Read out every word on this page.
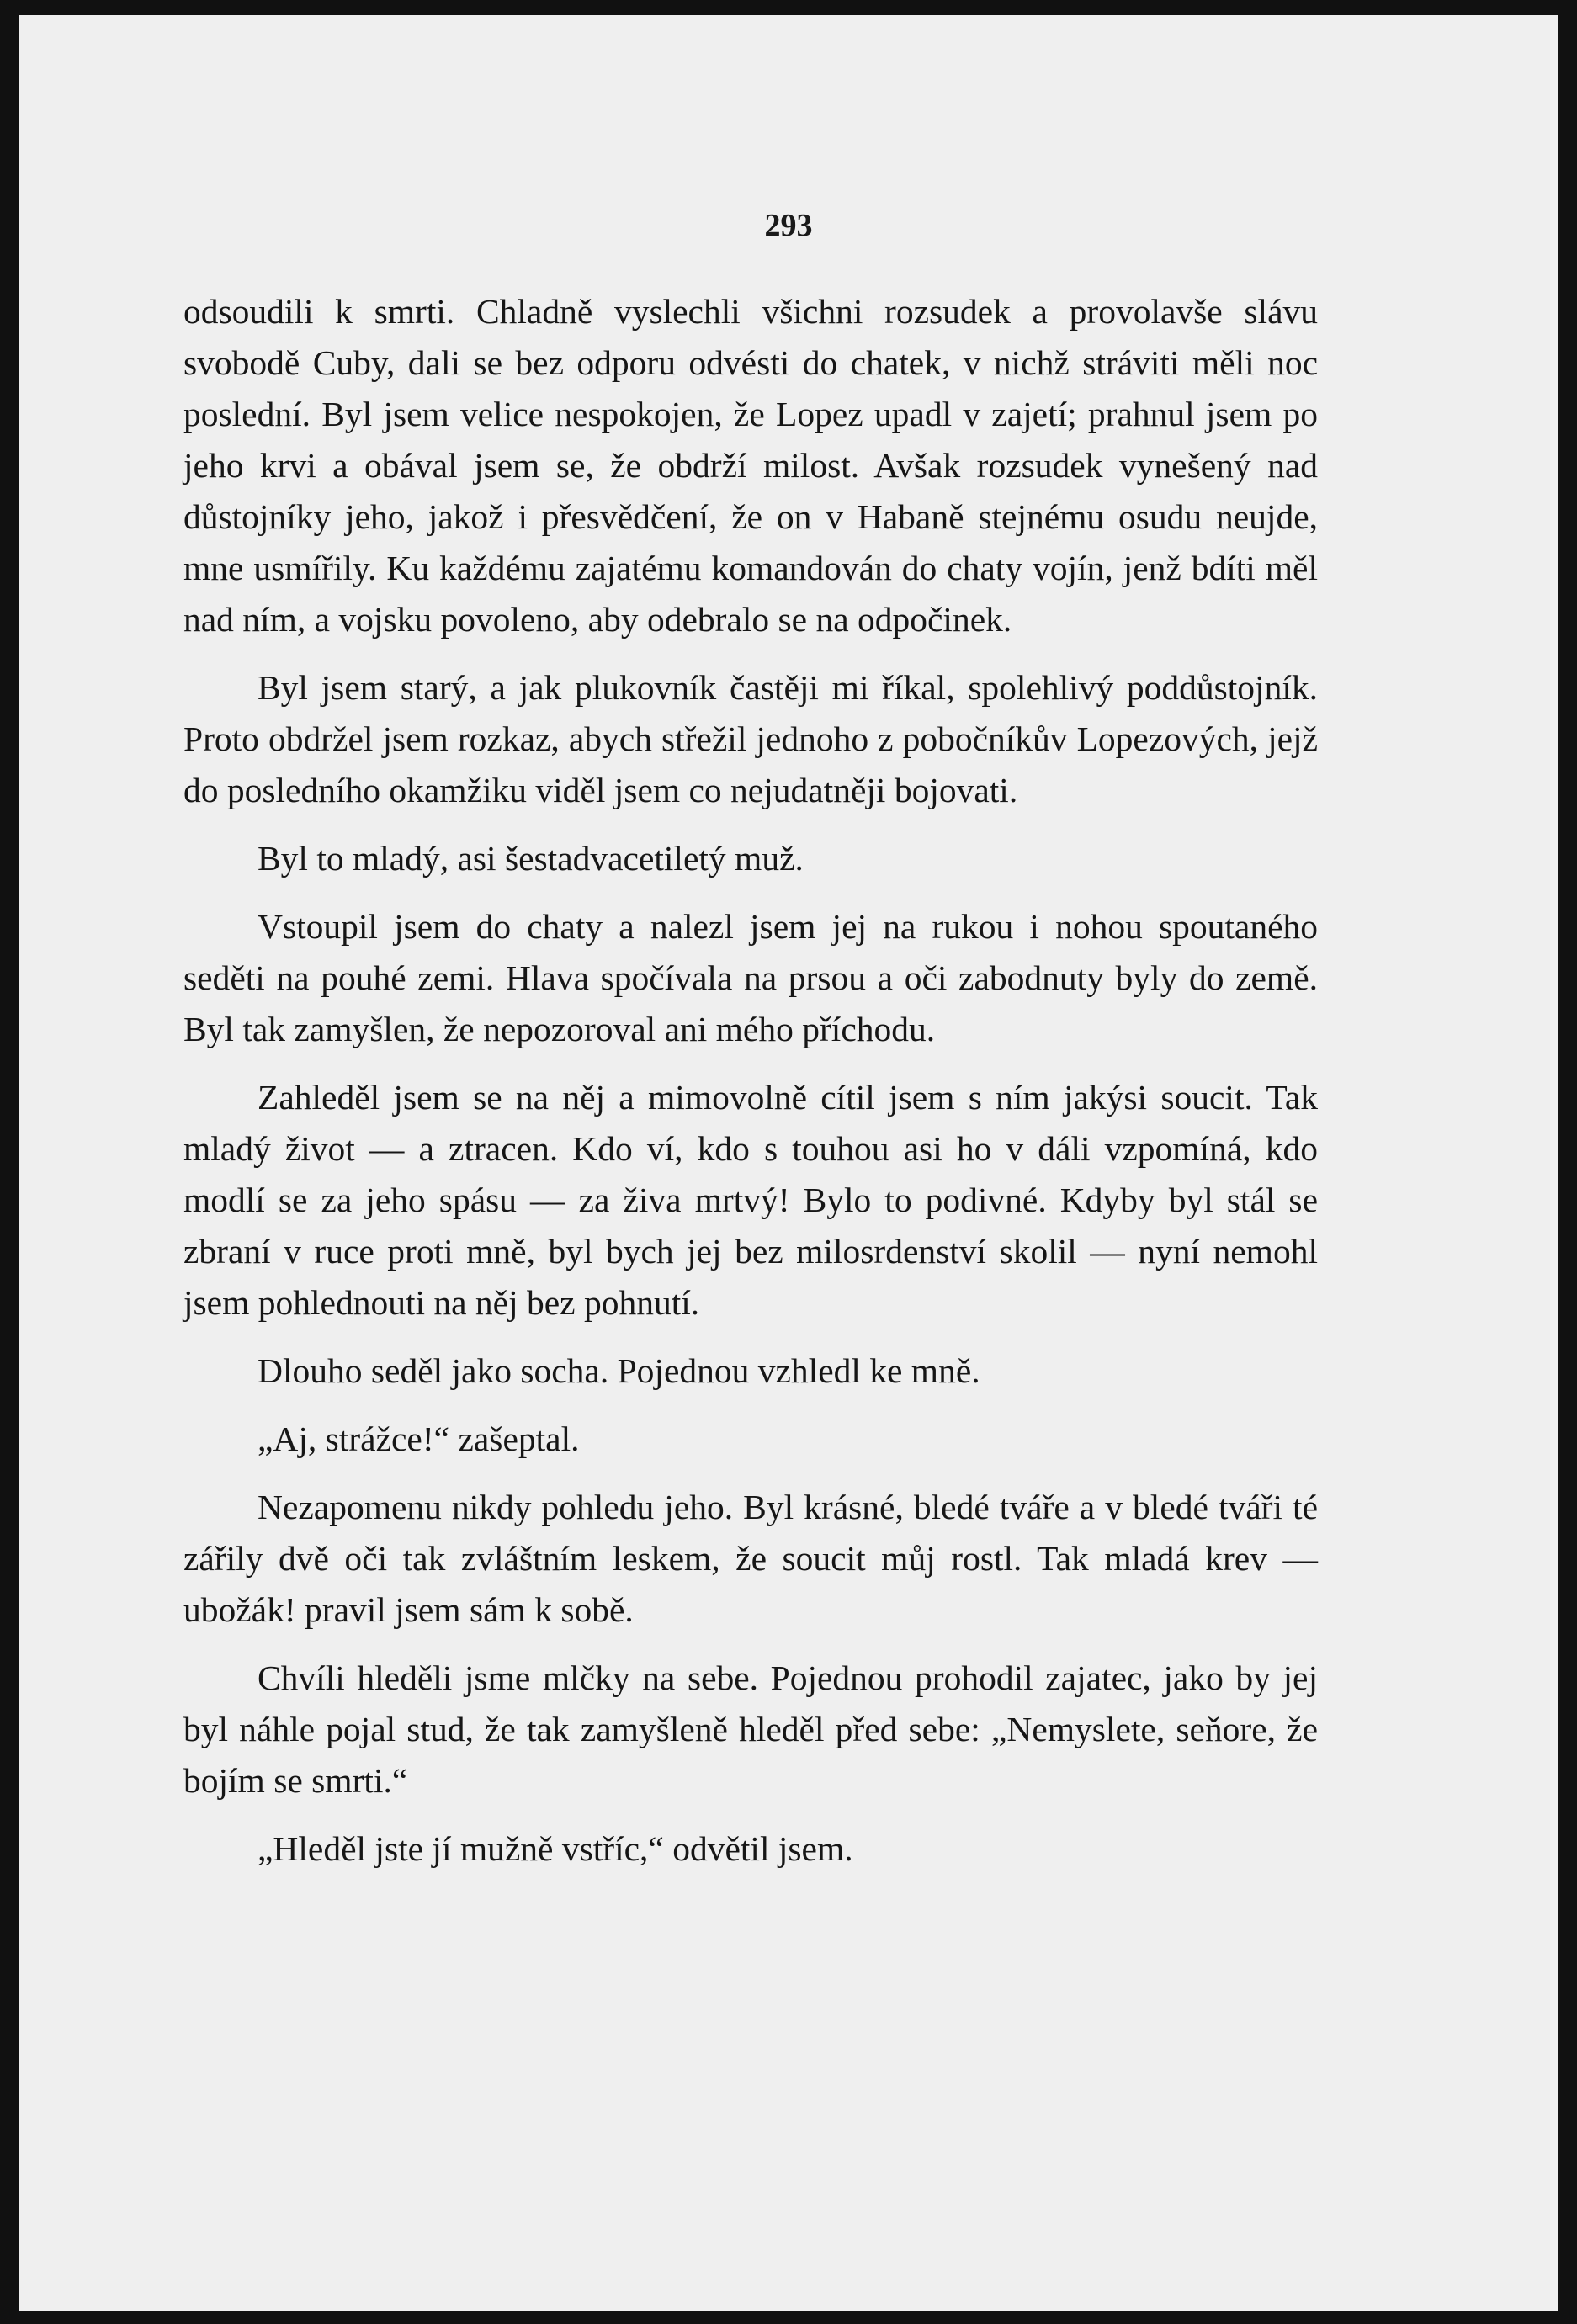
293

odsoudili k smrti. Chladně vyslechli všichni rozsudek a provolavše slávu svobodě Cuby, dali se bez odporu odvésti do chatek, v nichž stráviti měli noc poslední. Byl jsem velice nespokojen, že Lopez upadl v zajetí; prahnul jsem po jeho krvi a obával jsem se, že obdrží milost. Avšak rozsudek vynešený nad důstojníky jeho, jakož i přesvědčení, že on v Habaně stejnému osudu neujde, mne usmířily. Ku každému zajatému komandován do chaty vojín, jenž bdíti měl nad ním, a vojsku povoleno, aby odebralo se na odpočinek.

Byl jsem starý, a jak plukovník častěji mi říkal, spolehlivý poddůstojník. Proto obdržel jsem rozkaz, abych střežil jednoho z pobočníkův Lopezových, jejž do posledního okamžiku viděl jsem co nejudatněji bojovati.

Byl to mladý, asi šestadvacetiletý muž.

Vstoupil jsem do chaty a nalezl jsem jej na rukou i nohou spoutaného seděti na pouhé zemi. Hlava spočívala na prsou a oči zabodnuty byly do země. Byl tak zamyšlen, že nepozoroval ani mého příchodu.

Zahleděl jsem se na něj a mimovolně cítil jsem s ním jakýsi soucit. Tak mladý život — a ztracen. Kdo ví, kdo s touhou asi ho v dáli vzpomíná, kdo modlí se za jeho spásu — za živa mrtvý! Bylo to podivné. Kdyby byl stál se zbraní v ruce proti mně, byl bych jej bez milosrdenství skolil — nyní nemohl jsem pohlednouti na něj bez pohnutí.

Dlouho seděl jako socha. Pojednou vzhledl ke mně.

„Aj, strážce!“ zašeptal.

Nezapomenu nikdy pohledu jeho. Byl krásné, bledé tváře a v bledé tváři té zářily dvě oči tak zvláštním leskem, že soucit můj rostl. Tak mladá krev — ubožák! pravil jsem sám k sobě.

Chvíli hleděli jsme mlčky na sebe. Pojednou prohodil zajatec, jako by jej byl náhle pojal stud, že tak zamyšleně hleděl před sebe: „Nemyslete, seňore, že bojím se smrti.“

„Hleděl jste jí mužně vstříc,“ odvětil jsem.
